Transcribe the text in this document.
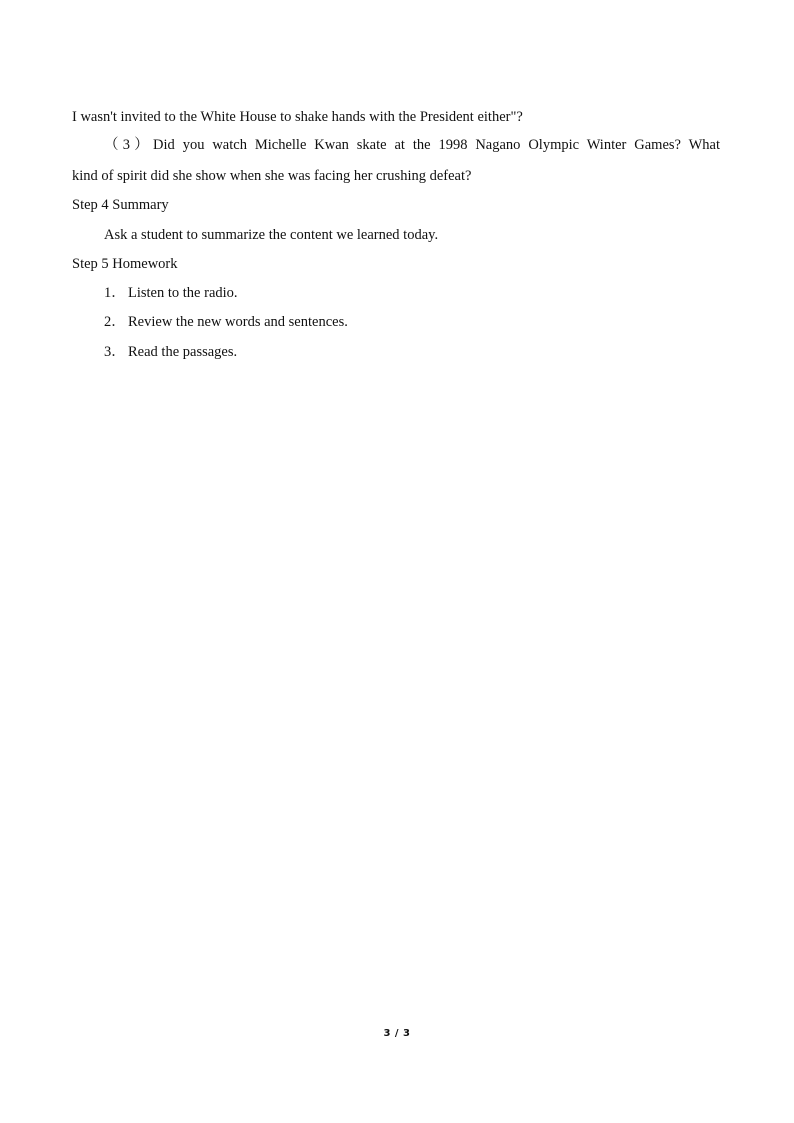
I wasn't invited to the White House to shake hands with the President either"?
（3）Did you watch Michelle Kwan skate at the 1998 Nagano Olympic Winter Games? What
kind of spirit did she show when she was facing her crushing defeat?
Step 4 Summary
Ask a student to summarize the content we learned today.
Step 5 Homework
1． Listen to the radio.
2． Review the new words and sentences.
3． Read the passages.
3 / 3
